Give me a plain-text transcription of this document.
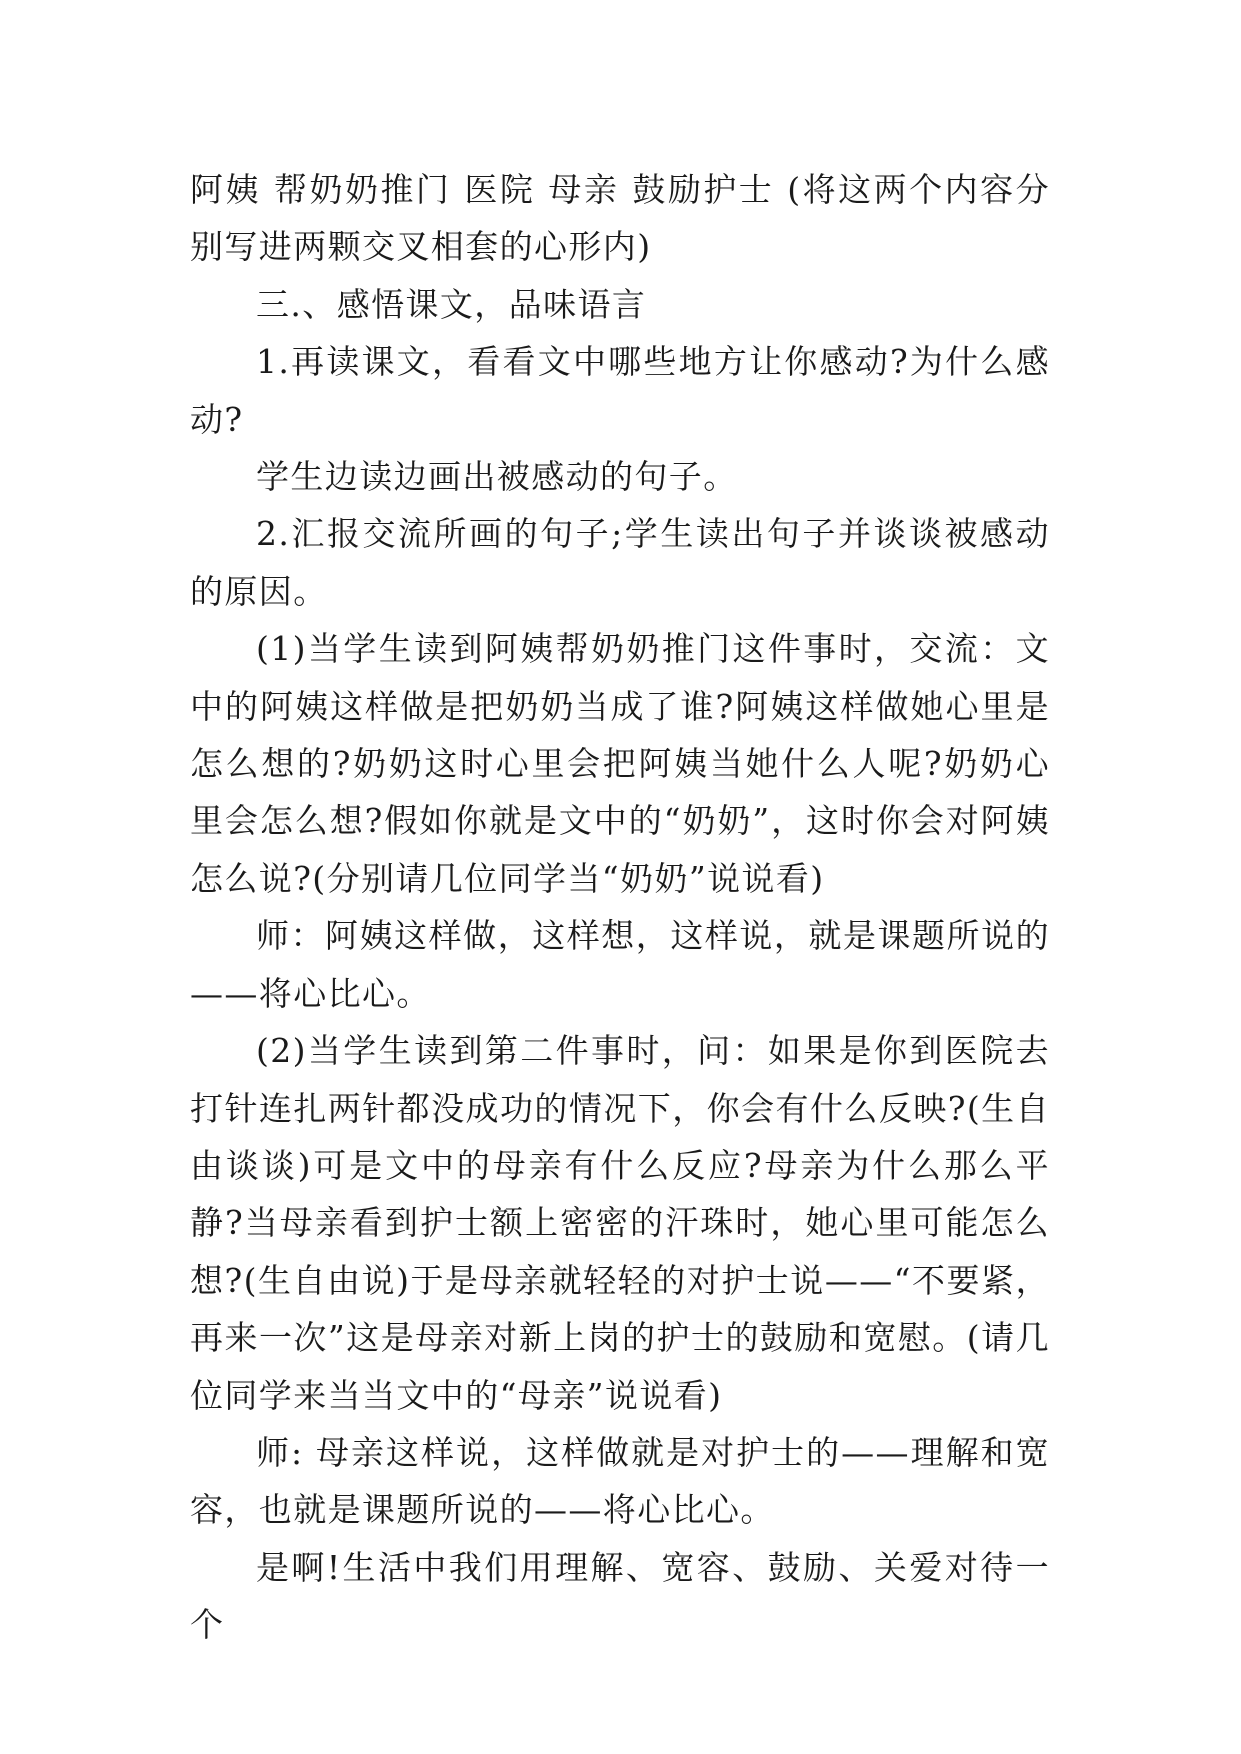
阿姨 帮奶奶推门 医院 母亲 鼓励护士 (将这两个内容分别写进两颗交叉相套的心形内)

三.、感悟课文，品味语言

1.再读课文，看看文中哪些地方让你感动?为什么感动?

学生边读边画出被感动的句子。

2.汇报交流所画的句子;学生读出句子并谈谈被感动的原因。

(1)当学生读到阿姨帮奶奶推门这件事时，交流：文中的阿姨这样做是把奶奶当成了谁?阿姨这样做她心里是怎么想的?奶奶这时心里会把阿姨当她什么人呢?奶奶心里会怎么想?假如你就是文中的“奶奶”，这时你会对阿姨怎么说?(分别请几位同学当“奶奶”说说看)

师：阿姨这样做，这样想，这样说，就是课题所说的——将心比心。

(2)当学生读到第二件事时，问：如果是你到医院去打针连扎两针都没成功的情况下，你会有什么反映?(生自由谈谈)可是文中的母亲有什么反应?母亲为什么那么平静?当母亲看到护士额上密密的汗珠时，她心里可能怎么想?(生自由说)于是母亲就轻轻的对护士说——“不要紧，再来一次”这是母亲对新上岗的护士的鼓励和宽慰。(请几位同学来当当文中的“母亲”说说看)

师: 母亲这样说，这样做就是对护士的——理解和宽容，也就是课题所说的——将心比心。

是啊!生活中我们用理解、宽容、鼓励、关爱对待一个
